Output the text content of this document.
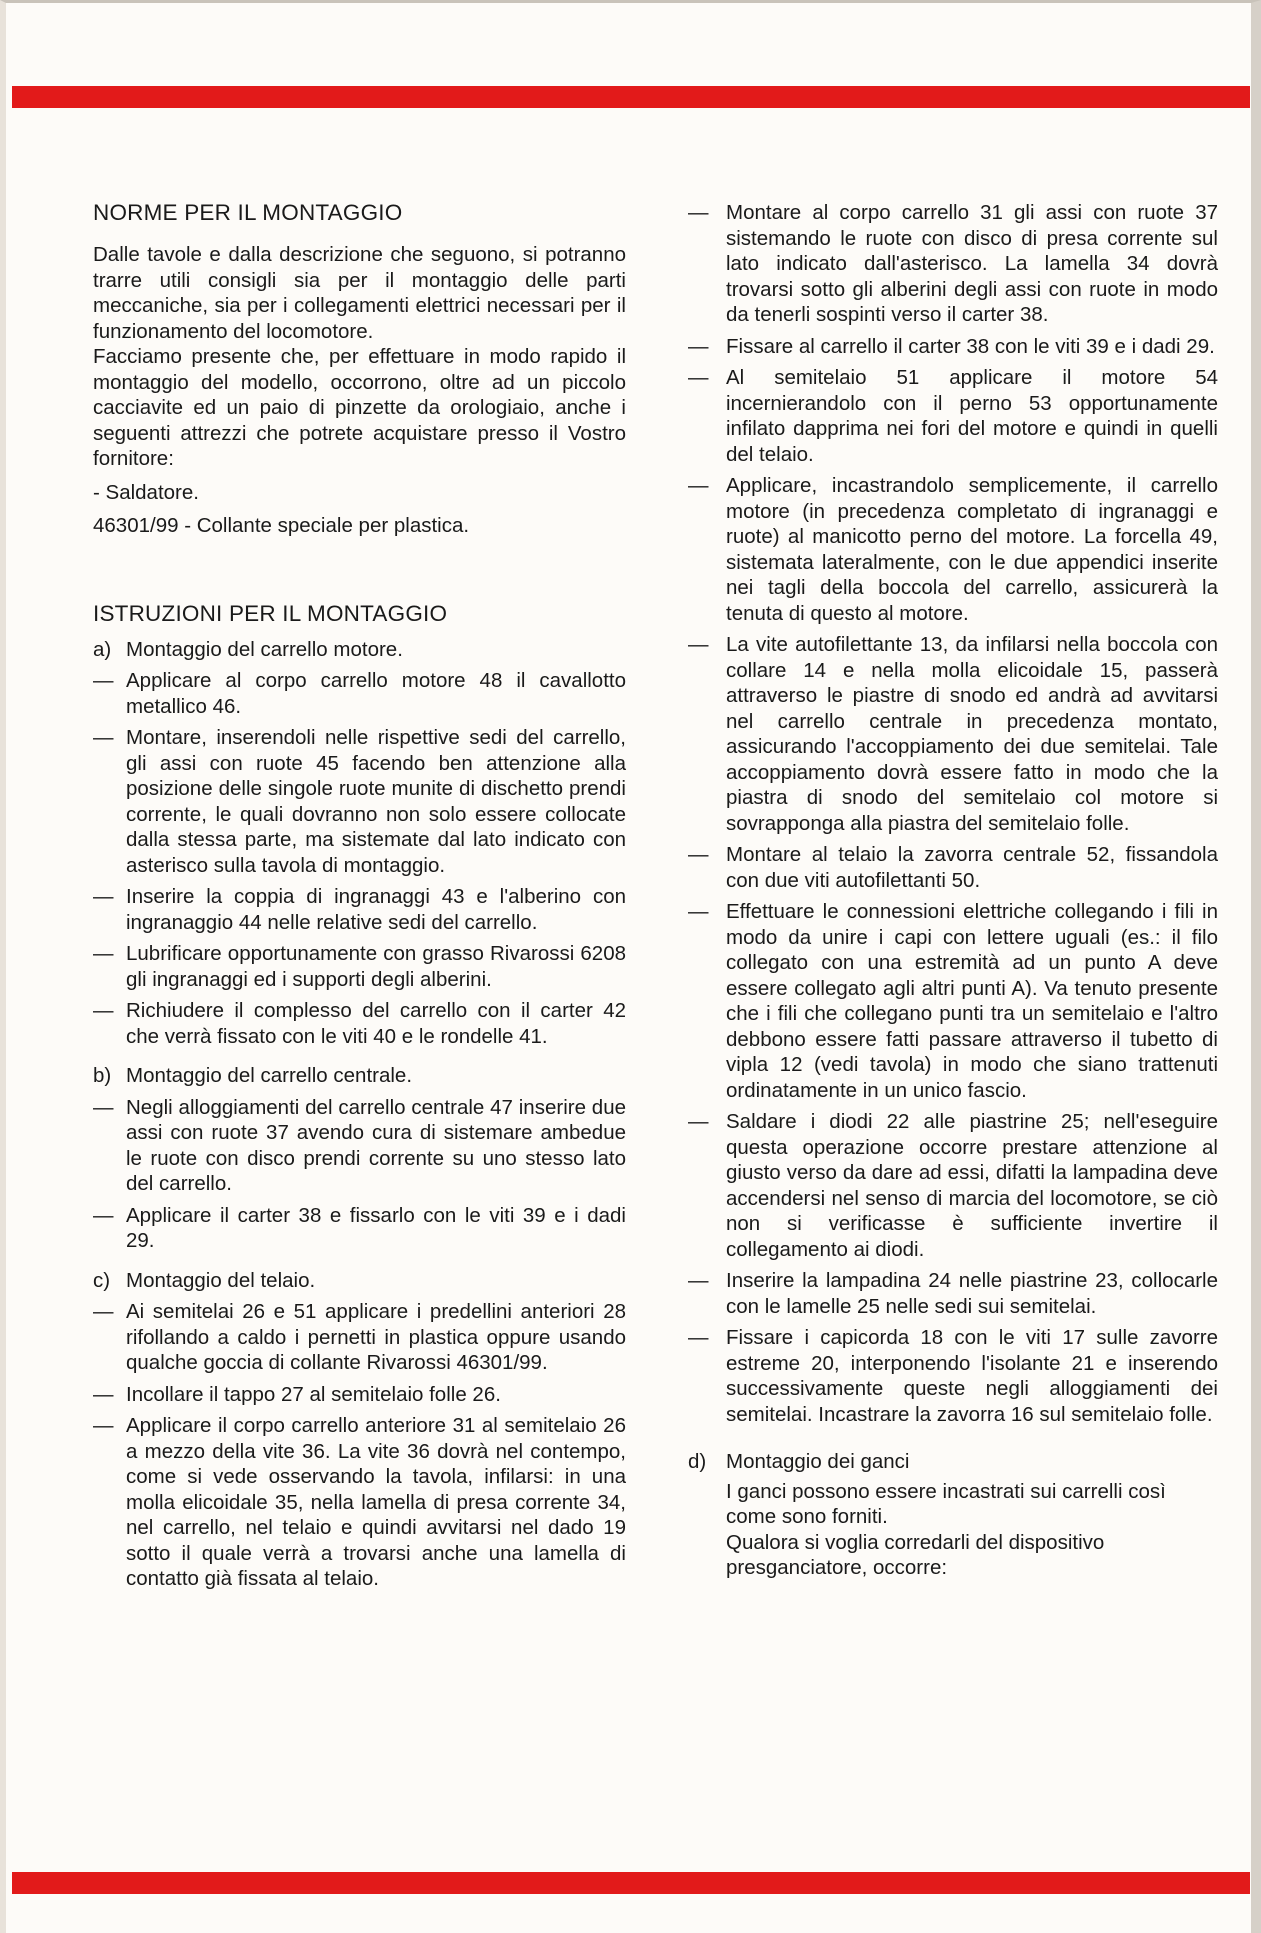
NORME PER IL MONTAGGIO

Dalle tavole e dalla descrizione che seguono, si potranno trarre utili consigli sia per il montaggio delle parti meccaniche, sia per i collegamenti elettrici necessari per il funzionamento del locomotore.

Facciamo presente che, per effettuare in modo rapido il montaggio del modello, occorrono, oltre ad un piccolo cacciavite ed un paio di pinzette da orologiaio, anche i seguenti attrezzi che potrete acquistare presso il Vostro fornitore:

- Saldatore.

46301/99 - Collante speciale per plastica.

ISTRUZIONI PER IL MONTAGGIO
a) Montaggio del carrello motore.
— Applicare al corpo carrello motore 48 il cavallotto metallico 46.
— Montare, inserendoli nelle rispettive sedi del carrello, gli assi con ruote 45 facendo ben attenzione alla posizione delle singole ruote munite di dischetto prendi corrente, le quali dovranno non solo essere collocate dalla stessa parte, ma sistemate dal lato indicato con asterisco sulla tavola di montaggio.
— Inserire la coppia di ingranaggi 43 e l'alberino con ingranaggio 44 nelle relative sedi del carrello.
— Lubrificare opportunamente con grasso Rivarossi 6208 gli ingranaggi ed i supporti degli alberini.
— Richiudere il complesso del carrello con il carter 42 che verrà fissato con le viti 40 e le rondelle 41.
b) Montaggio del carrello centrale.
— Negli alloggiamenti del carrello centrale 47 inserire due assi con ruote 37 avendo cura di sistemare ambedue le ruote con disco prendi corrente su uno stesso lato del carrello.
— Applicare il carter 38 e fissarlo con le viti 39 e i dadi 29.
c) Montaggio del telaio.
— Ai semitelai 26 e 51 applicare i predellini anteriori 28 rifollando a caldo i pernetti in plastica oppure usando qualche goccia di collante Rivarossi 46301/99.
— Incollare il tappo 27 al semitelaio folle 26.
— Applicare il corpo carrello anteriore 31 al semitelaio 26 a mezzo della vite 36. La vite 36 dovrà nel contempo, come si vede osservando la tavola, infilarsi: in una molla elicoidale 35, nella lamella di presa corrente 34, nel carrello, nel telaio e quindi avvitarsi nel dado 19 sotto il quale verrà a trovarsi anche una lamella di contatto già fissata al telaio.
— Montare al corpo carrello 31 gli assi con ruote 37 sistemando le ruote con disco di presa corrente sul lato indicato dall'asterisco. La lamella 34 dovrà trovarsi sotto gli alberini degli assi con ruote in modo da tenerli sospinti verso il carter 38.
— Fissare al carrello il carter 38 con le viti 39 e i dadi 29.
— Al semitelaio 51 applicare il motore 54 incernierandolo con il perno 53 opportunamente infilato dapprima nei fori del motore e quindi in quelli del telaio.
— Applicare, incastrandolo semplicemente, il carrello motore (in precedenza completato di ingranaggi e ruote) al manicotto perno del motore. La forcella 49, sistemata lateralmente, con le due appendici inserite nei tagli della boccola del carrello, assicurerà la tenuta di questo al motore.
— La vite autofilettante 13, da infilarsi nella boccola con collare 14 e nella molla elicoidale 15, passerà attraverso le piastre di snodo ed andrà ad avvitarsi nel carrello centrale in precedenza montato, assicurando l'accoppiamento dei due semitelai. Tale accoppiamento dovrà essere fatto in modo che la piastra di snodo del semitelaio col motore si sovrapponga alla piastra del semitelaio folle.
— Montare al telaio la zavorra centrale 52, fissandola con due viti autofilettanti 50.
— Effettuare le connessioni elettriche collegando i fili in modo da unire i capi con lettere uguali (es.: il filo collegato con una estremità ad un punto A deve essere collegato agli altri punti A). Va tenuto presente che i fili che collegano punti tra un semitelaio e l'altro debbono essere fatti passare attraverso il tubetto di vipla 12 (vedi tavola) in modo che siano trattenuti ordinatamente in un unico fascio.
— Saldare i diodi 22 alle piastrine 25; nell'eseguire questa operazione occorre prestare attenzione al giusto verso da dare ad essi, difatti la lampadina deve accendersi nel senso di marcia del locomotore, se ciò non si verificasse è sufficiente invertire il collegamento ai diodi.
— Inserire la lampadina 24 nelle piastrine 23, collocarle con le lamelle 25 nelle sedi sui semitelai.
— Fissare i capicorda 18 con le viti 17 sulle zavorre estreme 20, interponendo l'isolante 21 e inserendo successivamente queste negli alloggiamenti dei semitelai. Incastrare la zavorra 16 sul semitelaio folle.
d) Montaggio dei ganci

I ganci possono essere incastrati sui carrelli così come sono forniti.

Qualora si voglia corredarli del dispositivo presganciatore, occorre:
